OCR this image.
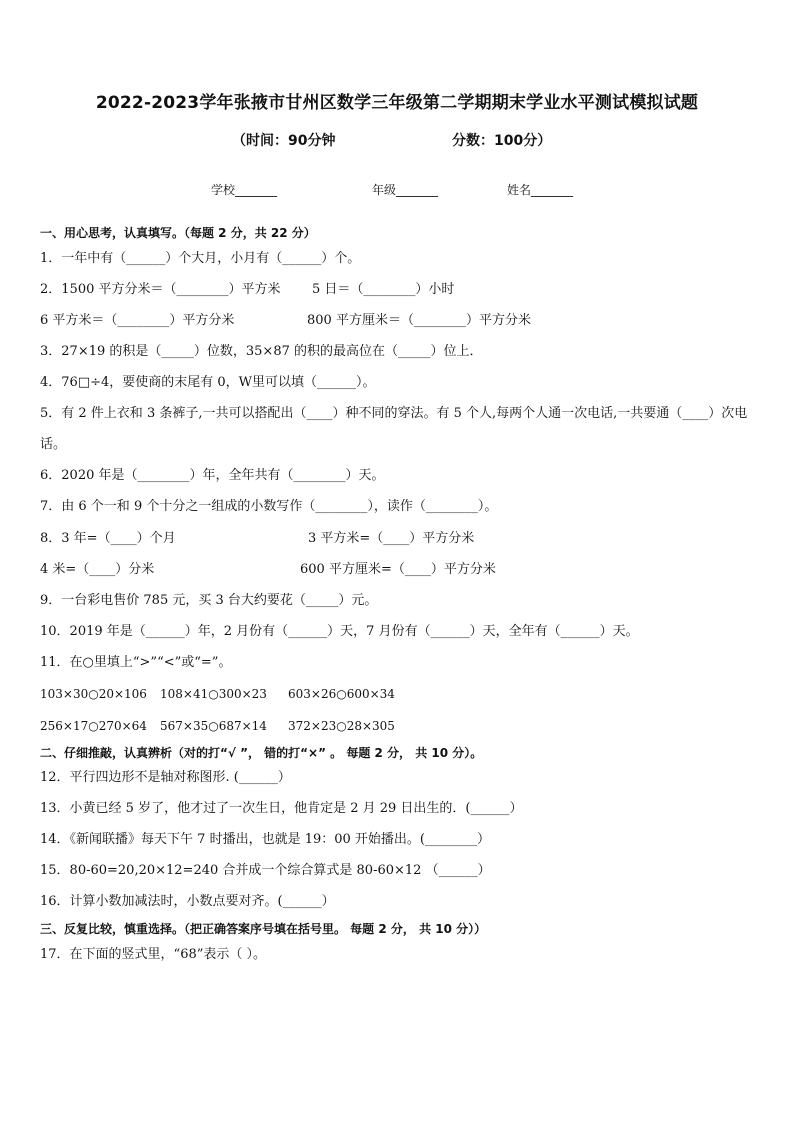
2022-2023学年张掖市甘州区数学三年级第二学期期末学业水平测试模拟试题
（时间：90分钟	分数：100分）
学校_______	年级_______	姓名_______
一、用心思考，认真填写。（每题 2 分，共 22 分）
1．一年中有（______）个大月，小月有（______）个。
2．1500 平方分米＝（________）平方米 5 日＝（________）小时
6 平方米＝（________）平方分米	800 平方厘米＝（________）平方分米
3．27×19 的积是（_____）位数，35×87 的积的最高位在（_____）位上．
4．76□÷4，要使商的末尾有 0，W里可以填（______）。
5．有 2 件上衣和 3 条裤子,一共可以搭配出（____）种不同的穿法。有 5 个人,每两个人通一次电话,一共要通（____）次电话。
6．2020 年是（________）年，全年共有（________）天。
7．由 6 个一和 9 个十分之一组成的小数写作（________），读作（________）。
8．3 年=（____）个月	3 平方米=（____）平方分米
4 米=（____）分米	600 平方厘米=（____）平方分米
9．一台彩电售价 785 元，买 3 台大约要花（_____）元。
10．2019 年是（______）年，2 月份有（______）天，7 月份有（______）天，全年有（______）天。
11．在○里填上“>”“<”或“=”。
103×30○20×106 108×41○300×23 603×26○600×34
256×17○270×64 567×35○687×14 372×23○28×305
二、仔细推敲，认真辨析（对的打“√ ”， 错的打“×” 。 每题 2 分， 共 10 分）。
12．平行四边形不是轴对称图形. (______）
13．小黄已经 5 岁了，他才过了一次生日，他肯定是 2 月 29 日出生的．(______）
14．《新闻联播》每天下午 7 时播出，也就是 19：00 开始播出。(________）
15．80-60=20,20×12=240 合并成一个综合算式是 80-60×12 （______）
16．计算小数加减法时，小数点要对齐。(______）
三、反复比较，慎重选择。（把正确答案序号填在括号里。 每题 2 分， 共 10 分））
17．在下面的竖式里，“68”表示（ ）。
